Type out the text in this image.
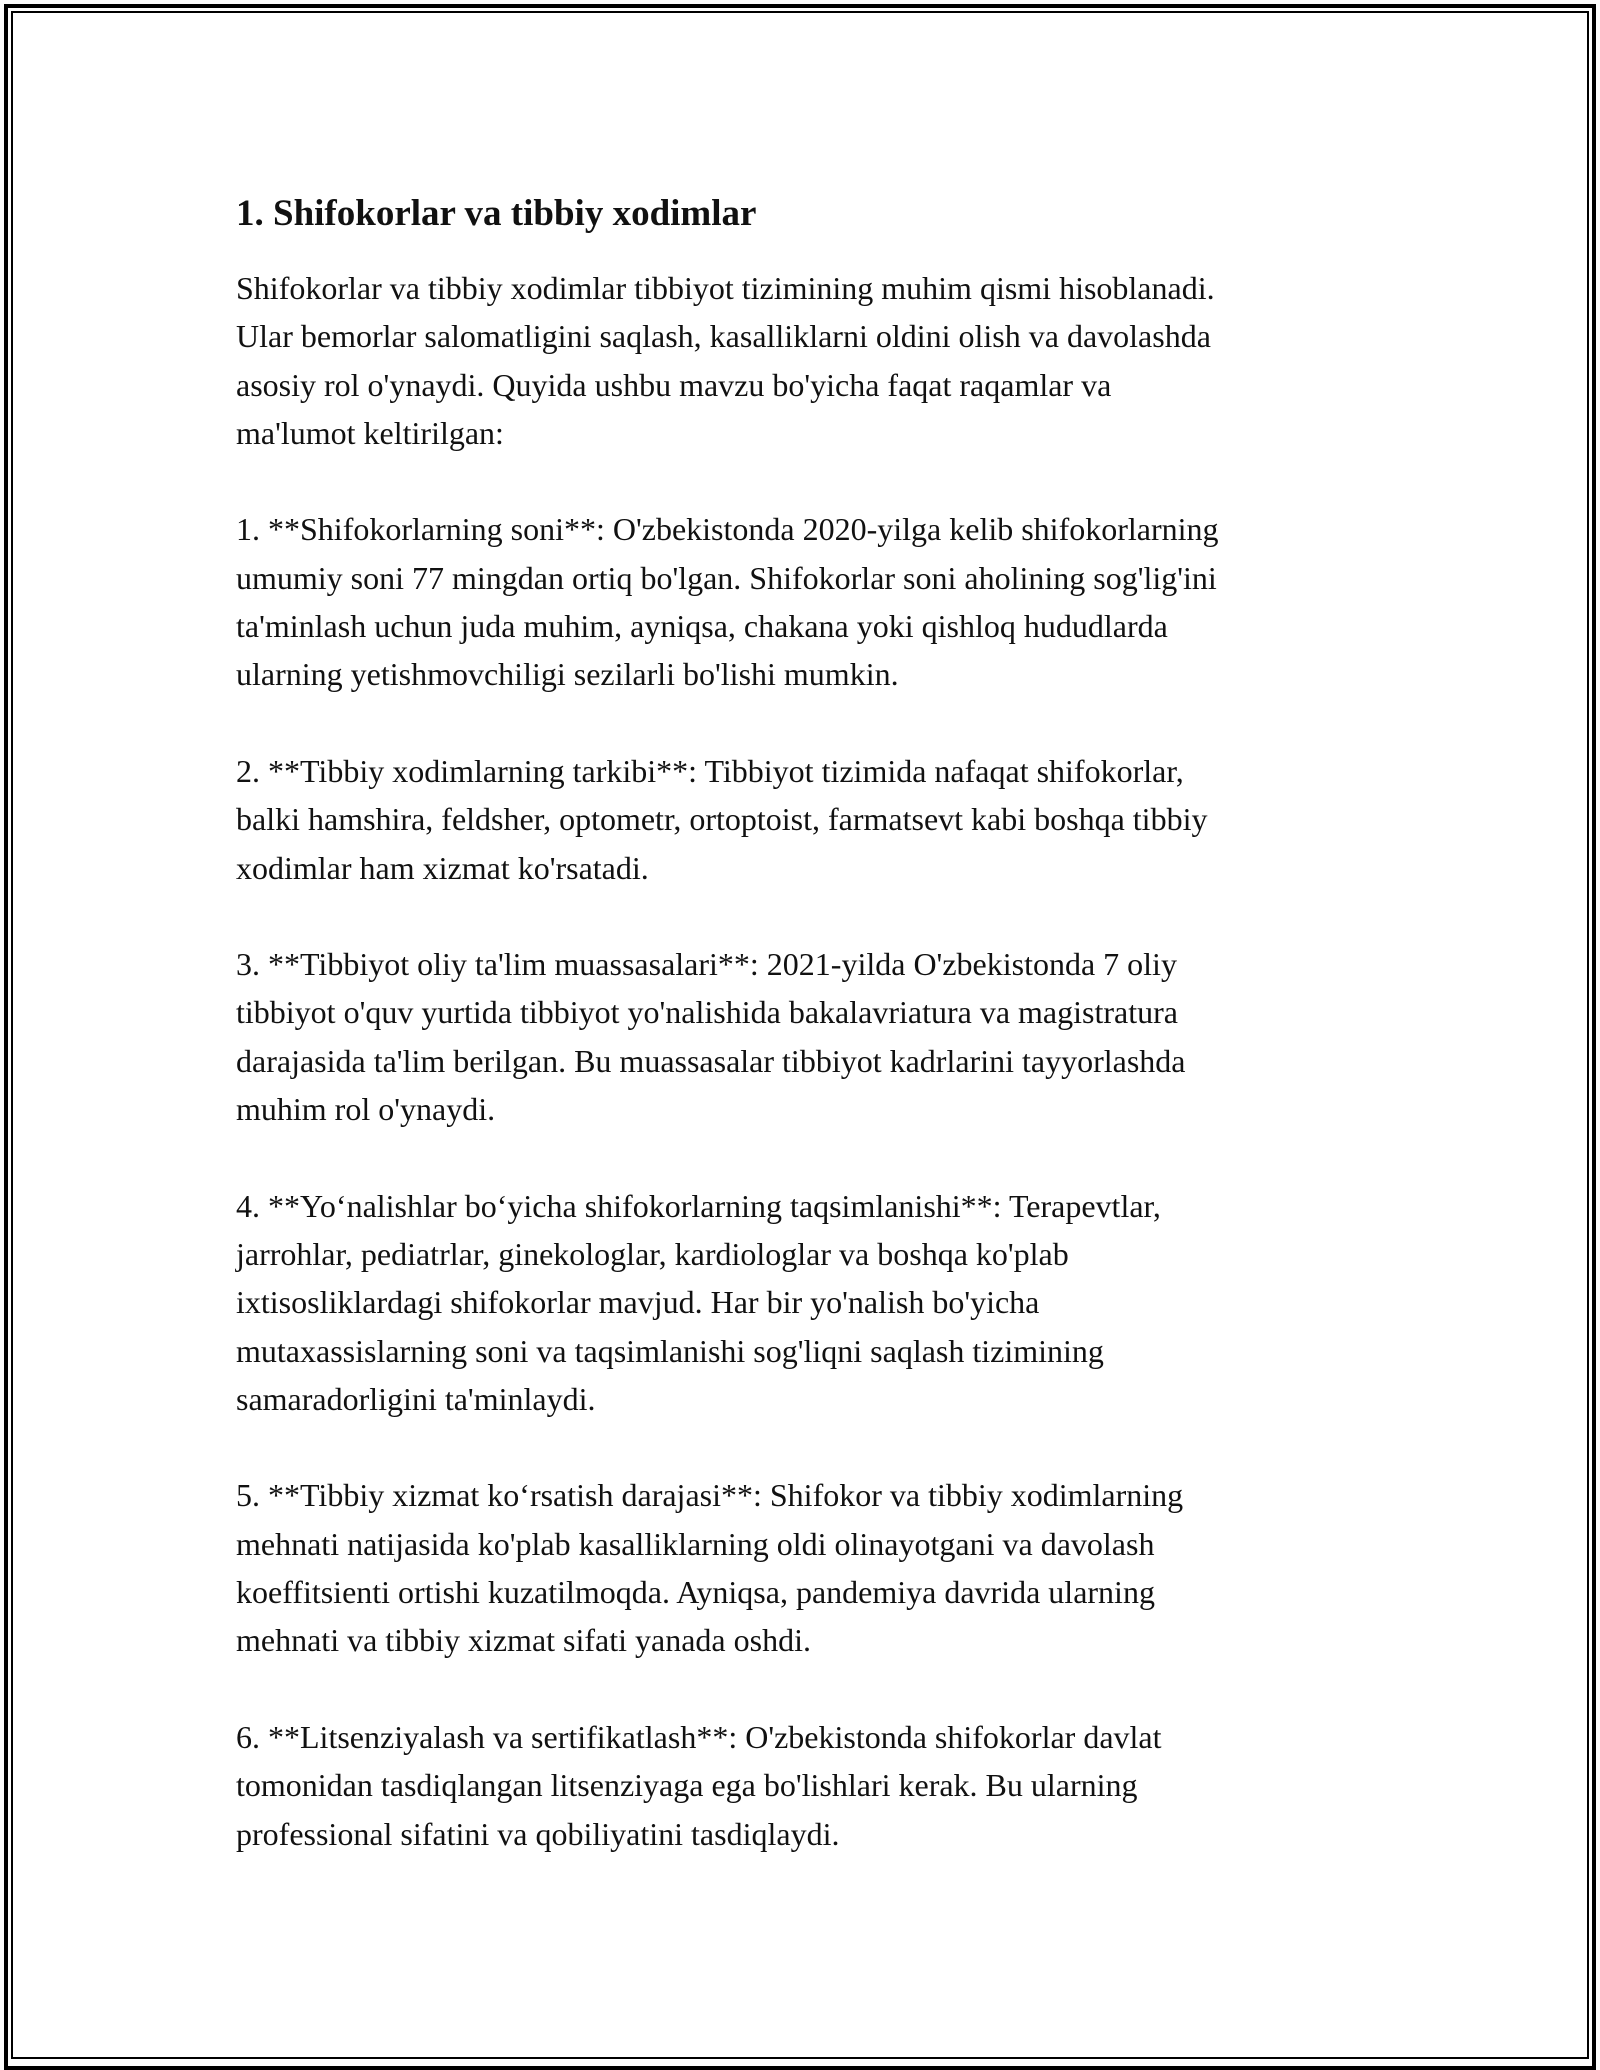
1. Shifokorlar va tibbiy xodimlar

Shifokorlar va tibbiy xodimlar tibbiyot tizimining muhim qismi hisoblanadi.
Ular bemorlar salomatligini saqlash, kasalliklarni oldini olish va davolashda
asosiy rol o'ynaydi. Quyida ushbu mavzu bo'yicha faqat raqamlar va
ma'lumot keltirilgan:

1. **Shifokorlarning soni**: O'zbekistonda 2020-yilga kelib shifokorlarning
umumiy soni 77 mingdan ortiq bo'lgan. Shifokorlar soni aholining sog'lig'ini
ta'minlash uchun juda muhim, ayniqsa, chakana yoki qishloq hududlarda
ularning yetishmovchiligi sezilarli bo'lishi mumkin.

2. **Tibbiy xodimlarning tarkibi**: Tibbiyot tizimida nafaqat shifokorlar,
balki hamshira, feldsher, optometr, ortoptoist, farmatsevt kabi boshqa tibbiy
xodimlar ham xizmat ko'rsatadi.

3. **Tibbiyot oliy ta'lim muassasalari**: 2021-yilda O'zbekistonda 7 oliy
tibbiyot o'quv yurtida tibbiyot yo'nalishida bakalavriatura va magistratura
darajasida ta'lim berilgan. Bu muassasalar tibbiyot kadrlarini tayyorlashda
muhim rol o'ynaydi.

4. **Yo‘nalishlar bo‘yicha shifokorlarning taqsimlanishi**: Terapevtlar,
jarrohlar, pediatrlar, ginekologlar, kardiologlar va boshqa ko'plab
ixtisosliklardagi shifokorlar mavjud. Har bir yo'nalish bo'yicha
mutaxassislarning soni va taqsimlanishi sog'liqni saqlash tizimining
samaradorligini ta'minlaydi.

5. **Tibbiy xizmat ko‘rsatish darajasi**: Shifokor va tibbiy xodimlarning
mehnati natijasida ko'plab kasalliklarning oldi olinayotgani va davolash
koeffitsienti ortishi kuzatilmoqda. Ayniqsa, pandemiya davrida ularning
mehnati va tibbiy xizmat sifati yanada oshdi.

6. **Litsenziyalash va sertifikatlash**: O'zbekistonda shifokorlar davlat
tomonidan tasdiqlangan litsenziyaga ega bo'lishlari kerak. Bu ularning
professional sifatini va qobiliyatini tasdiqlaydi.
